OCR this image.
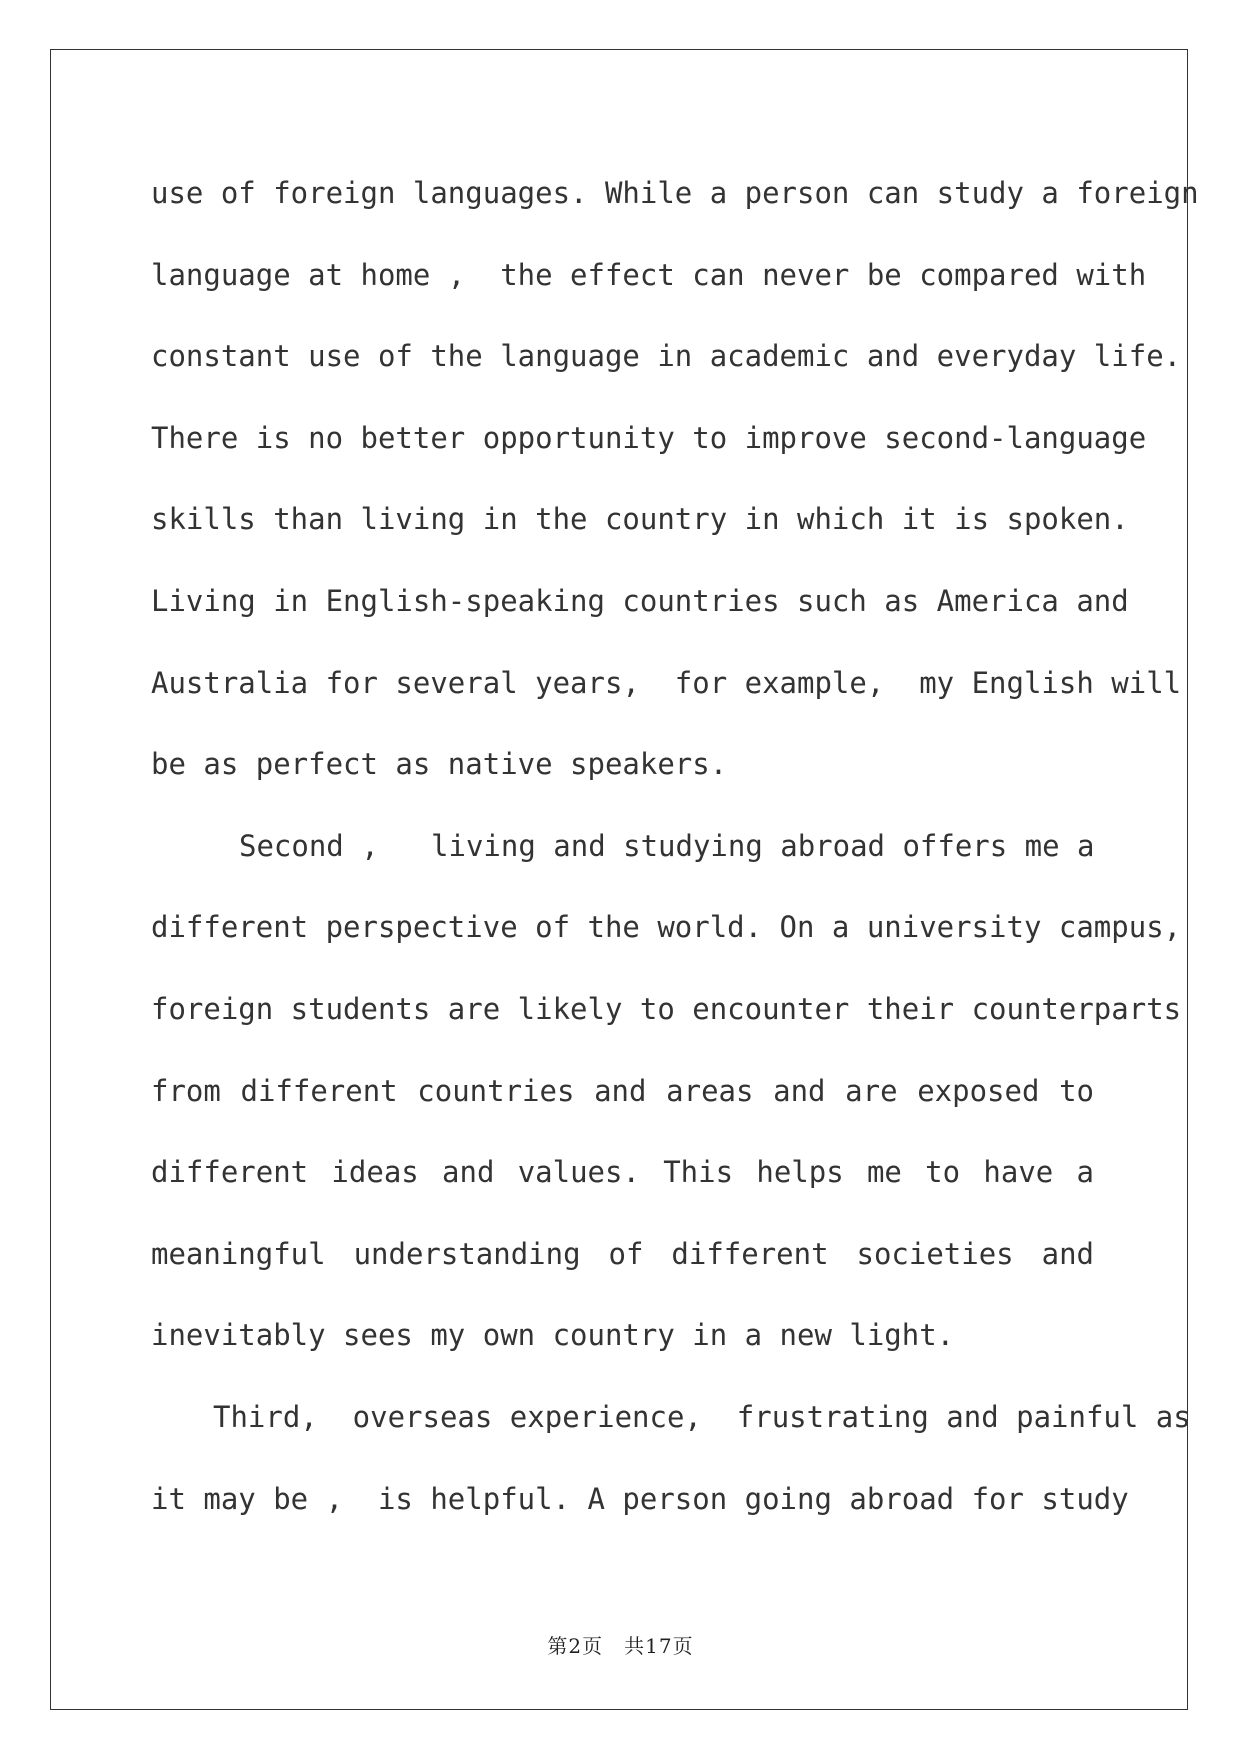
use of foreign languages. While a person can study a foreign
language at home ,  the effect can never be compared with
constant use of the language in academic and everyday life.
There is no better opportunity to improve second-language
skills than living in the country in which it is spoken.
Living in English-speaking countries such as America and
Australia for several years,  for example,  my English will
be as perfect as native speakers.
Second ,   living and studying abroad offers me a
different perspective of the world. On a university campus,
foreign students are likely to encounter their counterparts
from different countries and areas and are exposed to
different ideas and values. This helps me to have a
meaningful understanding of different societies and
inevitably sees my own country in a new light.
Third,  overseas experience,  frustrating and painful as
it may be ,  is helpful. A person going abroad for study
第2页　共17页
